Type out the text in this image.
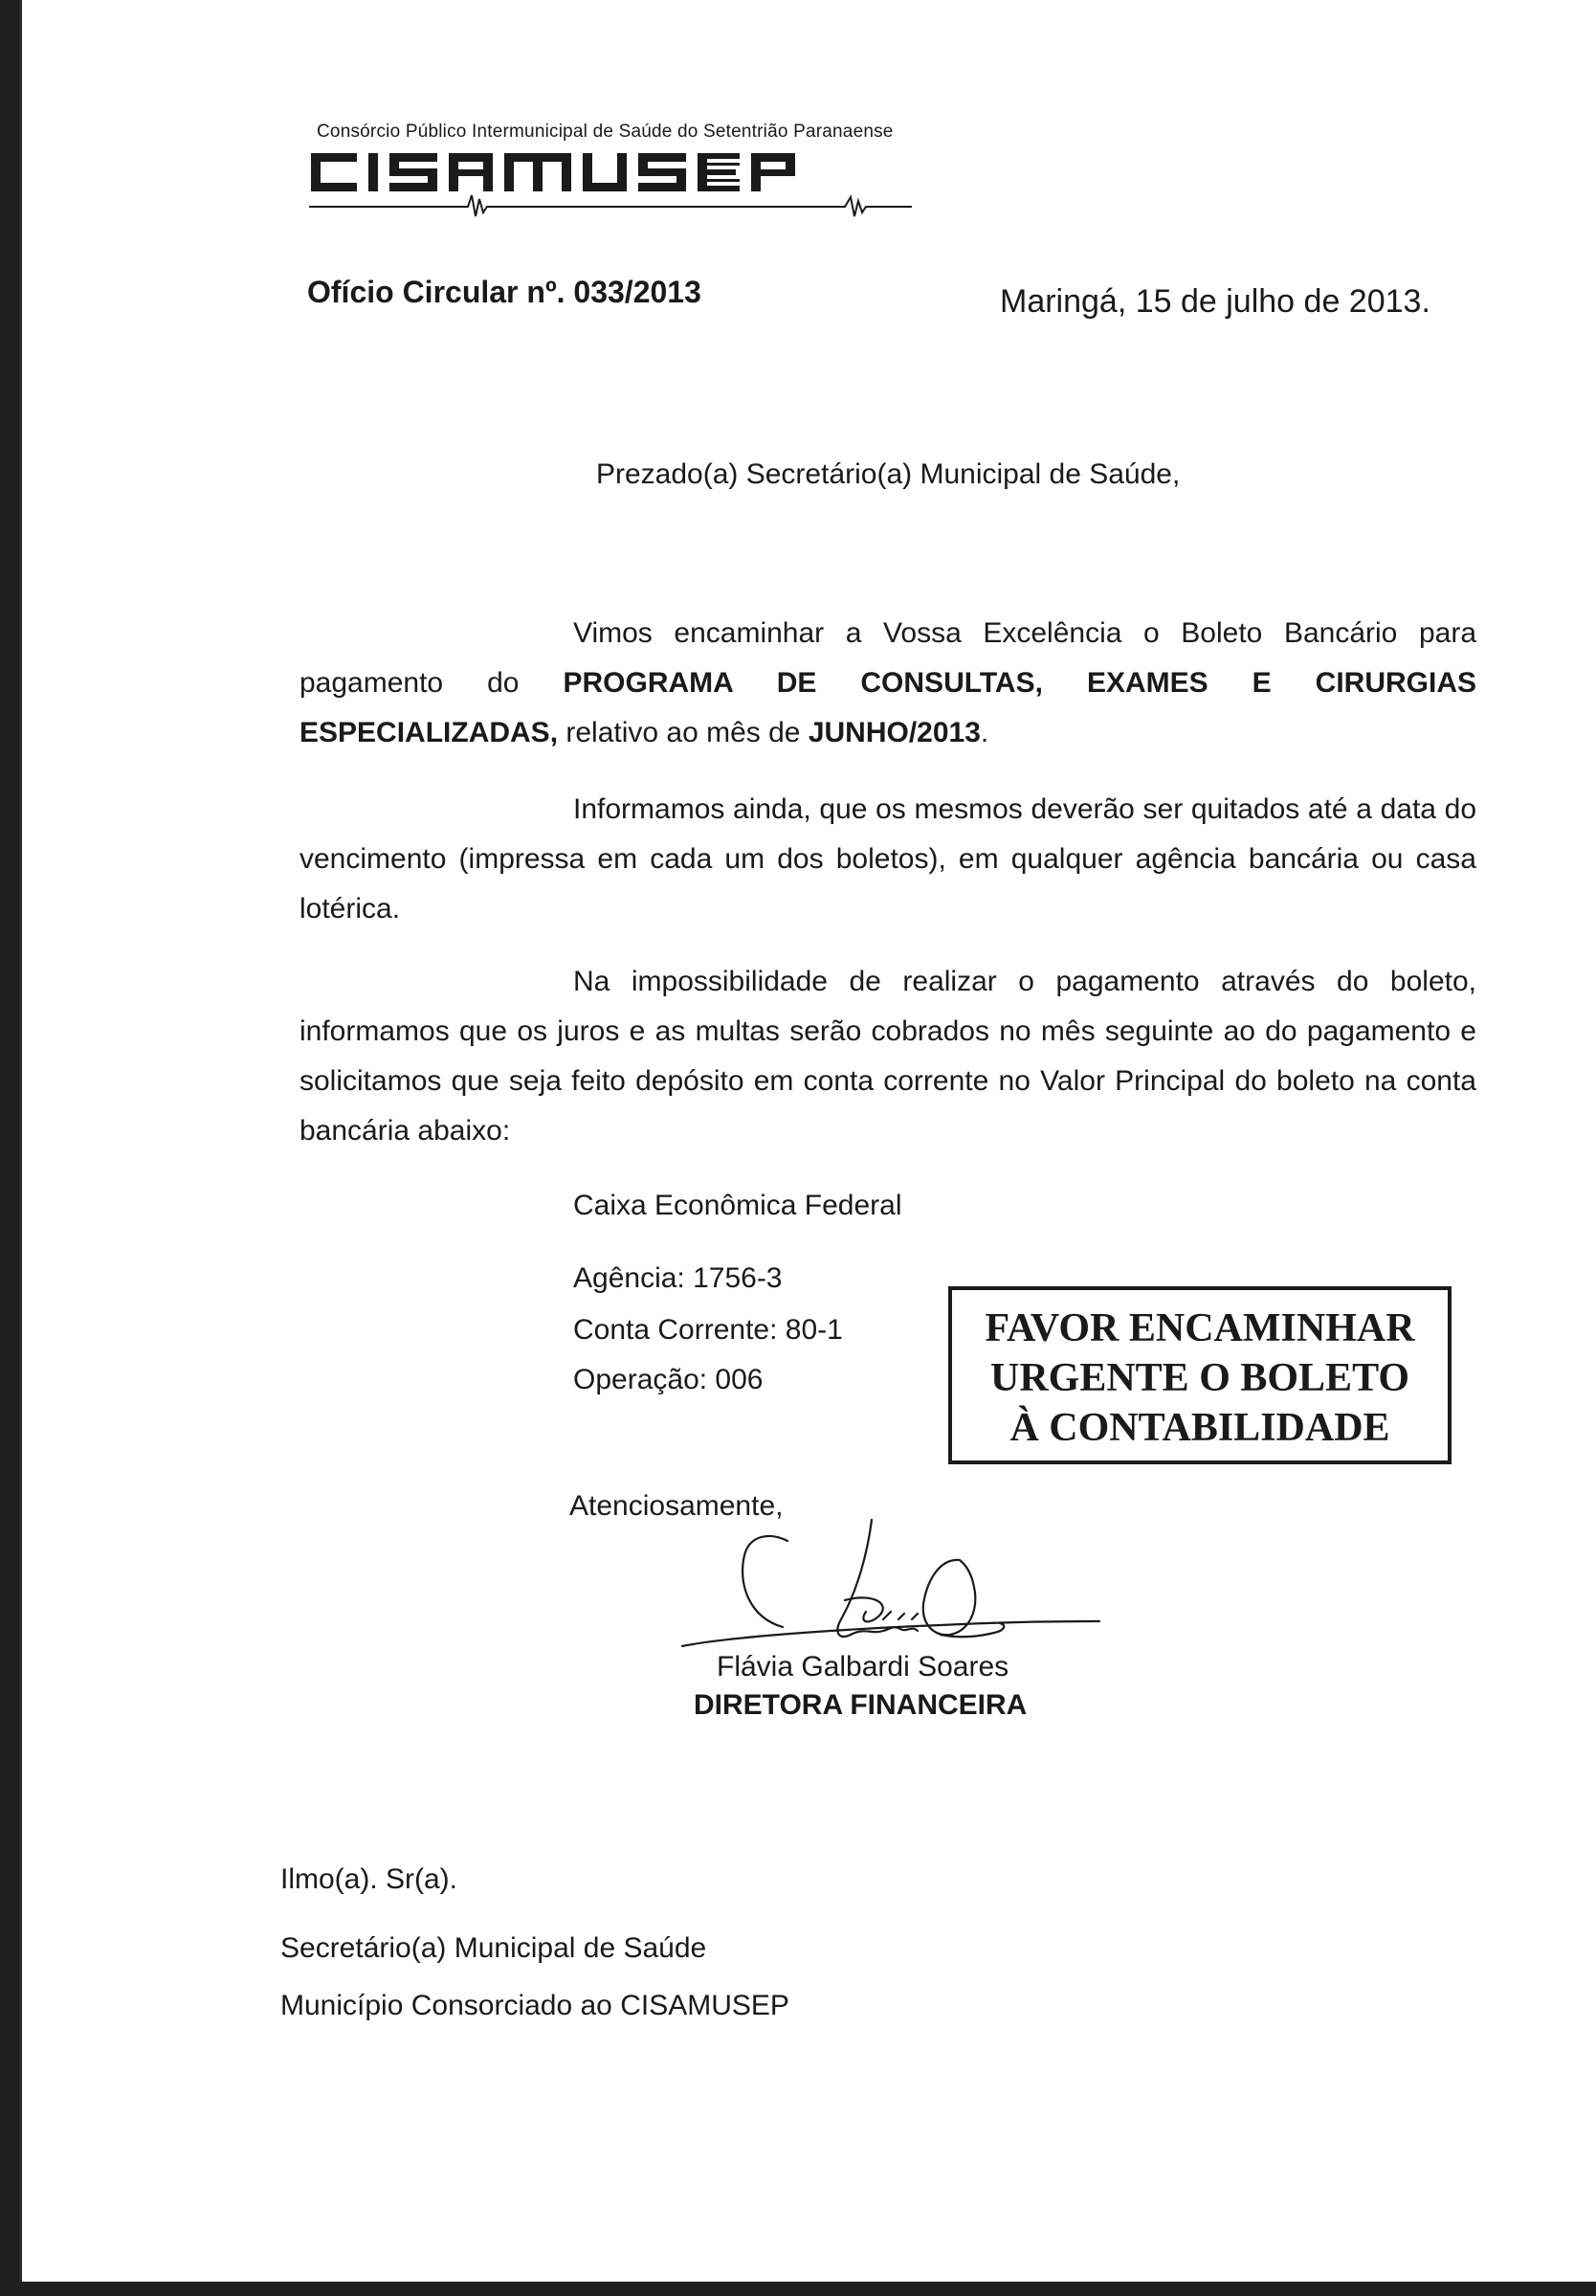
Consórcio Público Intermunicipal de Saúde do Setentrião Paranaense
Ofício Circular nº. 033/2013	Maringá, 15 de julho de 2013.
Prezado(a) Secretário(a) Municipal de Saúde,
Vimos encaminhar a Vossa Excelência o Boleto Bancário para pagamento do PROGRAMA DE CONSULTAS, EXAMES E CIRURGIAS ESPECIALIZADAS, relativo ao mês de JUNHO/2013.
Informamos ainda, que os mesmos deverão ser quitados até a data do vencimento (impressa em cada um dos boletos), em qualquer agência bancária ou casa lotérica.
Na impossibilidade de realizar o pagamento através do boleto, informamos que os juros e as multas serão cobrados no mês seguinte ao do pagamento e solicitamos que seja feito depósito em conta corrente no Valor Principal do boleto na conta bancária abaixo:
Caixa Econômica Federal
Agência: 1756-3
Conta Corrente: 80-1
Operação: 006
FAVOR ENCAMINHAR
URGENTE O BOLETO
À CONTABILIDADE
Atenciosamente,
Flávia Galbardi Soares
DIRETORA FINANCEIRA
Ilmo(a). Sr(a).
Secretário(a) Municipal de Saúde
Município Consorciado ao CISAMUSEP
